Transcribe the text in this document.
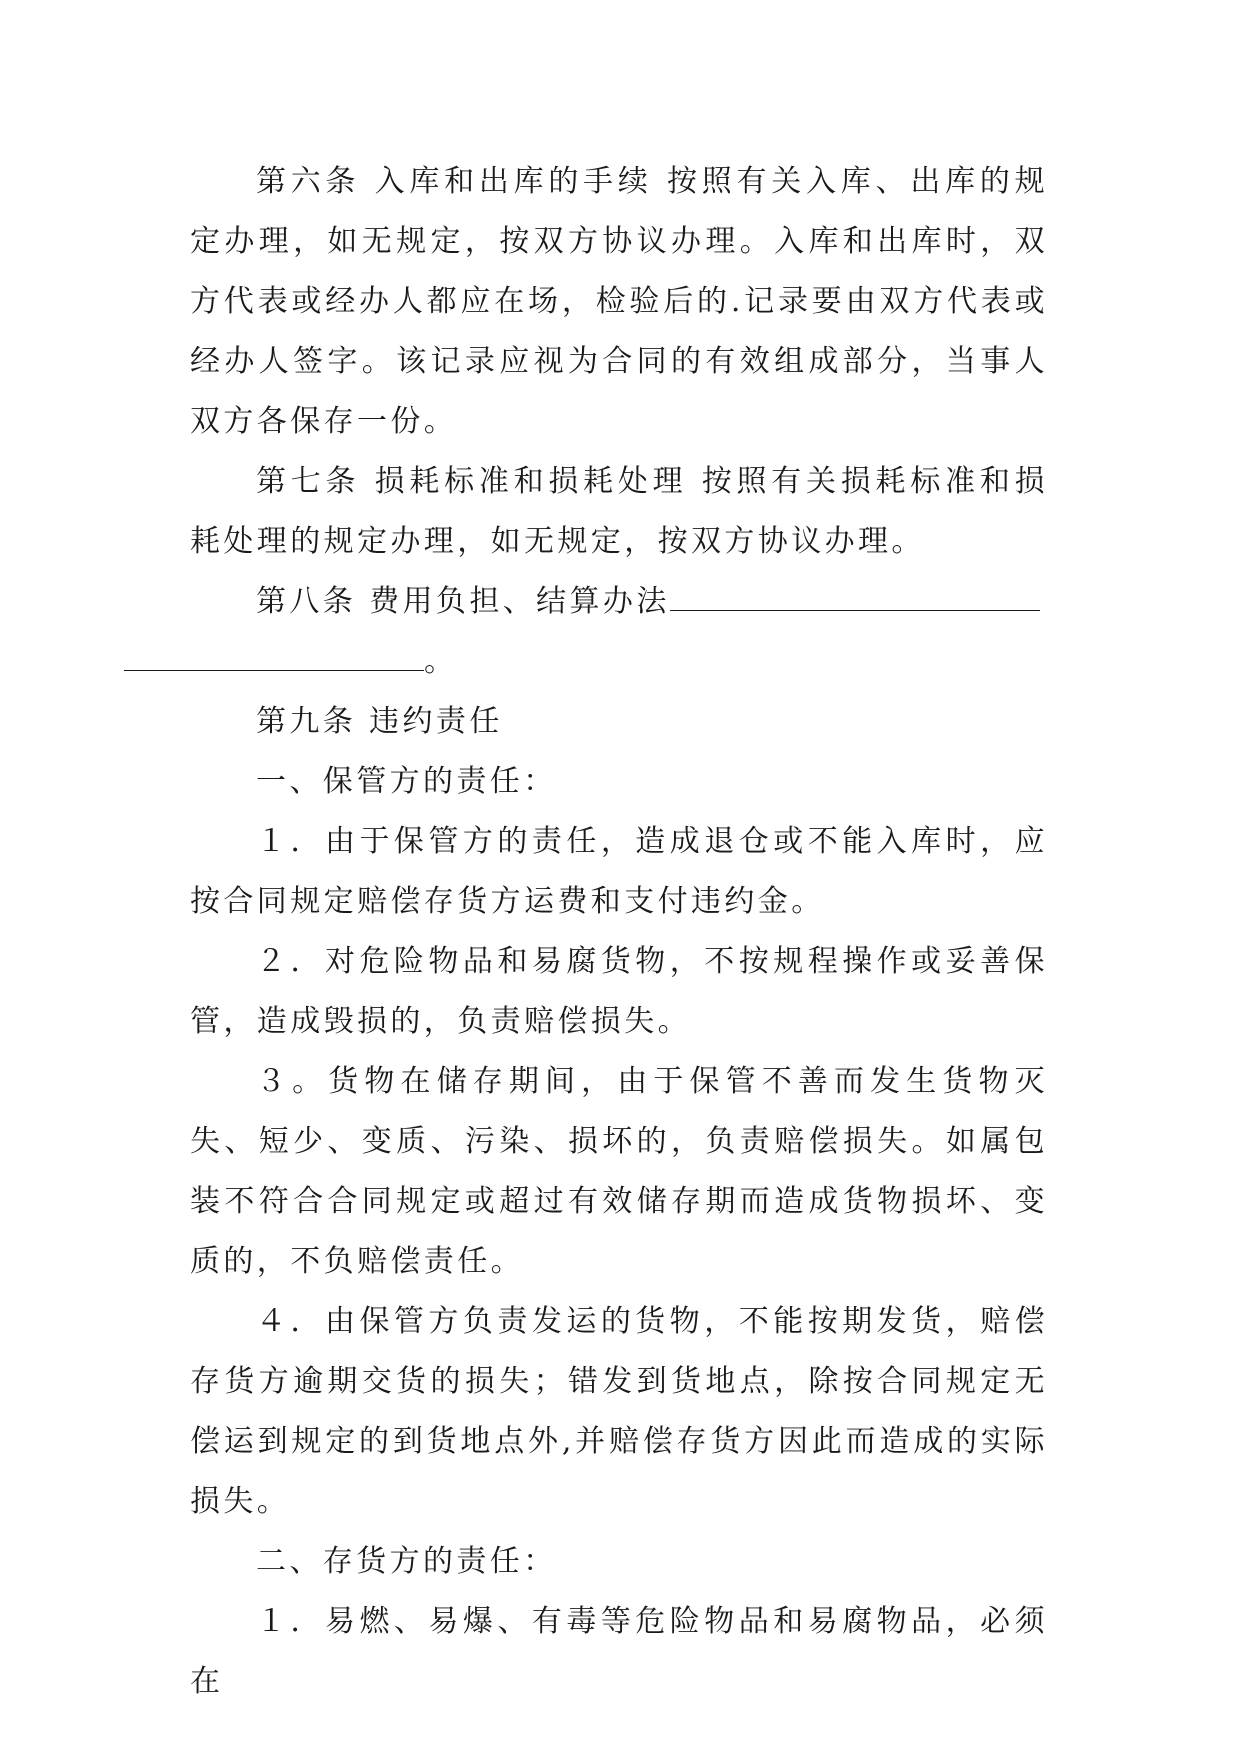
第六条 入库和出库的手续 按照有关入库、出库的规定办理，如无规定，按双方协议办理。入库和出库时，双方代表或经办人都应在场，检验后的.记录要由双方代表或经办人签字。该记录应视为合同的有效组成部分，当事人双方各保存一份。

第七条 损耗标准和损耗处理 按照有关损耗标准和损耗处理的规定办理，如无规定，按双方协议办理。

第八条 费用负担、结算办法
。

第九条 违约责任

一、保管方的责任：

１．由于保管方的责任，造成退仓或不能入库时，应按合同规定赔偿存货方运费和支付违约金。

２．对危险物品和易腐货物，不按规程操作或妥善保管，造成毁损的，负责赔偿损失。

３。货物在储存期间，由于保管不善而发生货物灭失、短少、变质、污染、损坏的，负责赔偿损失。如属包装不符合合同规定或超过有效储存期而造成货物损坏、变质的，不负赔偿责任。

４．由保管方负责发运的货物，不能按期发货，赔偿存货方逾期交货的损失；错发到货地点，除按合同规定无偿运到规定的到货地点外,并赔偿存货方因此而造成的实际损失。

二、存货方的责任：

１．易燃、易爆、有毒等危险物品和易腐物品，必须在
